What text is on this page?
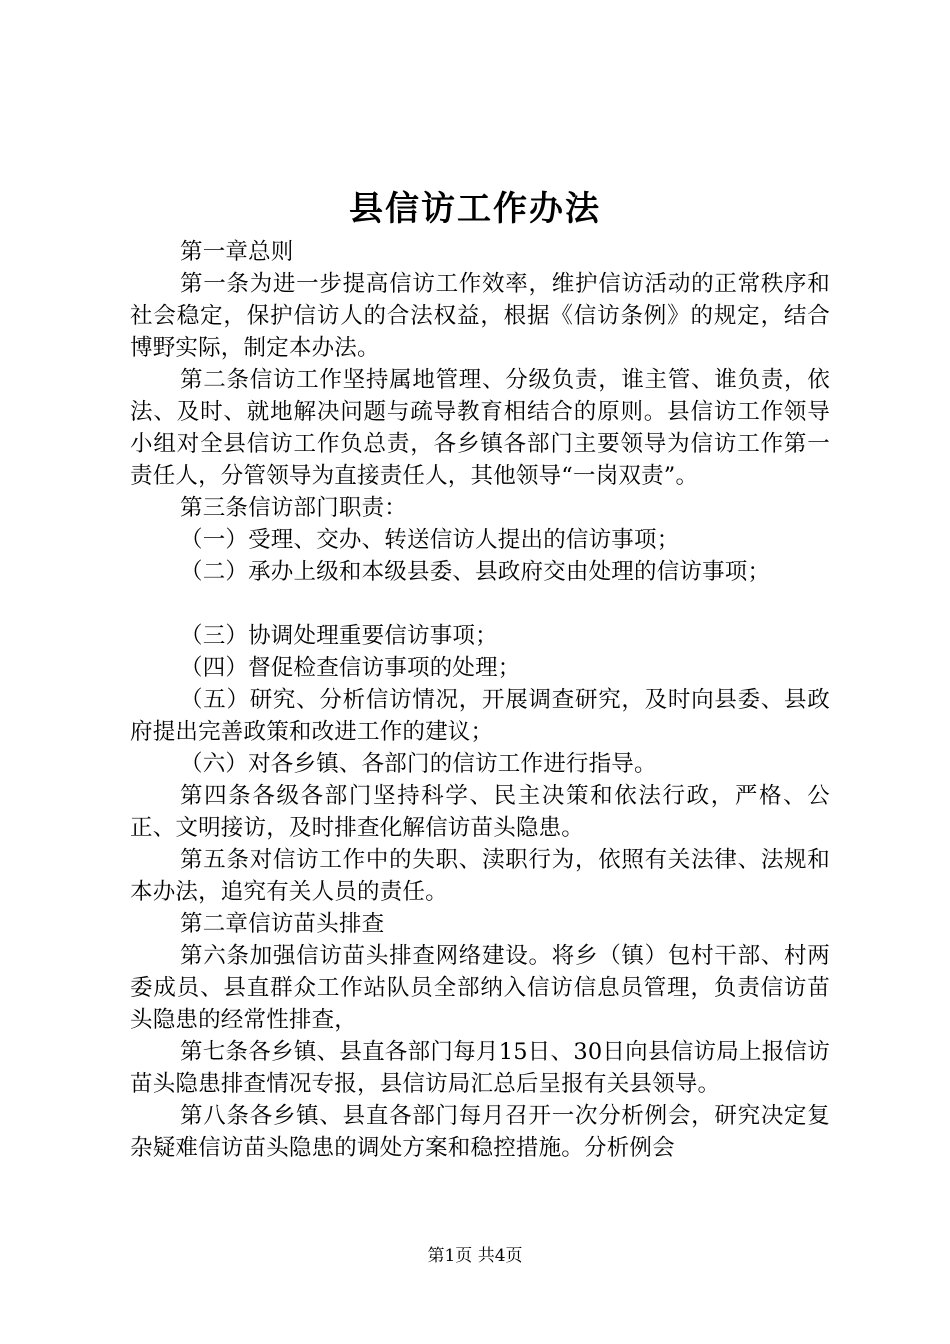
县信访工作办法

第一章总则

第一条为进一步提高信访工作效率，维护信访活动的正常秩序和社会稳定，保护信访人的合法权益，根据《信访条例》的规定，结合博野实际，制定本办法。

第二条信访工作坚持属地管理、分级负责，谁主管、谁负责，依法、及时、就地解决问题与疏导教育相结合的原则。县信访工作领导小组对全县信访工作负总责，各乡镇各部门主要领导为信访工作第一责任人，分管领导为直接责任人，其他领导“一岗双责”。

第三条信访部门职责：

（一）受理、交办、转送信访人提出的信访事项；

（二）承办上级和本级县委、县政府交由处理的信访事项；

（三）协调处理重要信访事项；

（四）督促检查信访事项的处理；

（五）研究、分析信访情况，开展调查研究，及时向县委、县政府提出完善政策和改进工作的建议；

（六）对各乡镇、各部门的信访工作进行指导。

第四条各级各部门坚持科学、民主决策和依法行政，严格、公正、文明接访，及时排查化解信访苗头隐患。

第五条对信访工作中的失职、渎职行为，依照有关法律、法规和本办法，追究有关人员的责任。

第二章信访苗头排查

第六条加强信访苗头排查网络建设。将乡（镇）包村干部、村两委成员、县直群众工作站队员全部纳入信访信息员管理，负责信访苗头隐患的经常性排查，

第七条各乡镇、县直各部门每月15日、30日向县信访局上报信访苗头隐患排查情况专报，县信访局汇总后呈报有关县领导。

第八条各乡镇、县直各部门每月召开一次分析例会，研究决定复杂疑难信访苗头隐患的调处方案和稳控措施。分析例会

第1页 共4页
